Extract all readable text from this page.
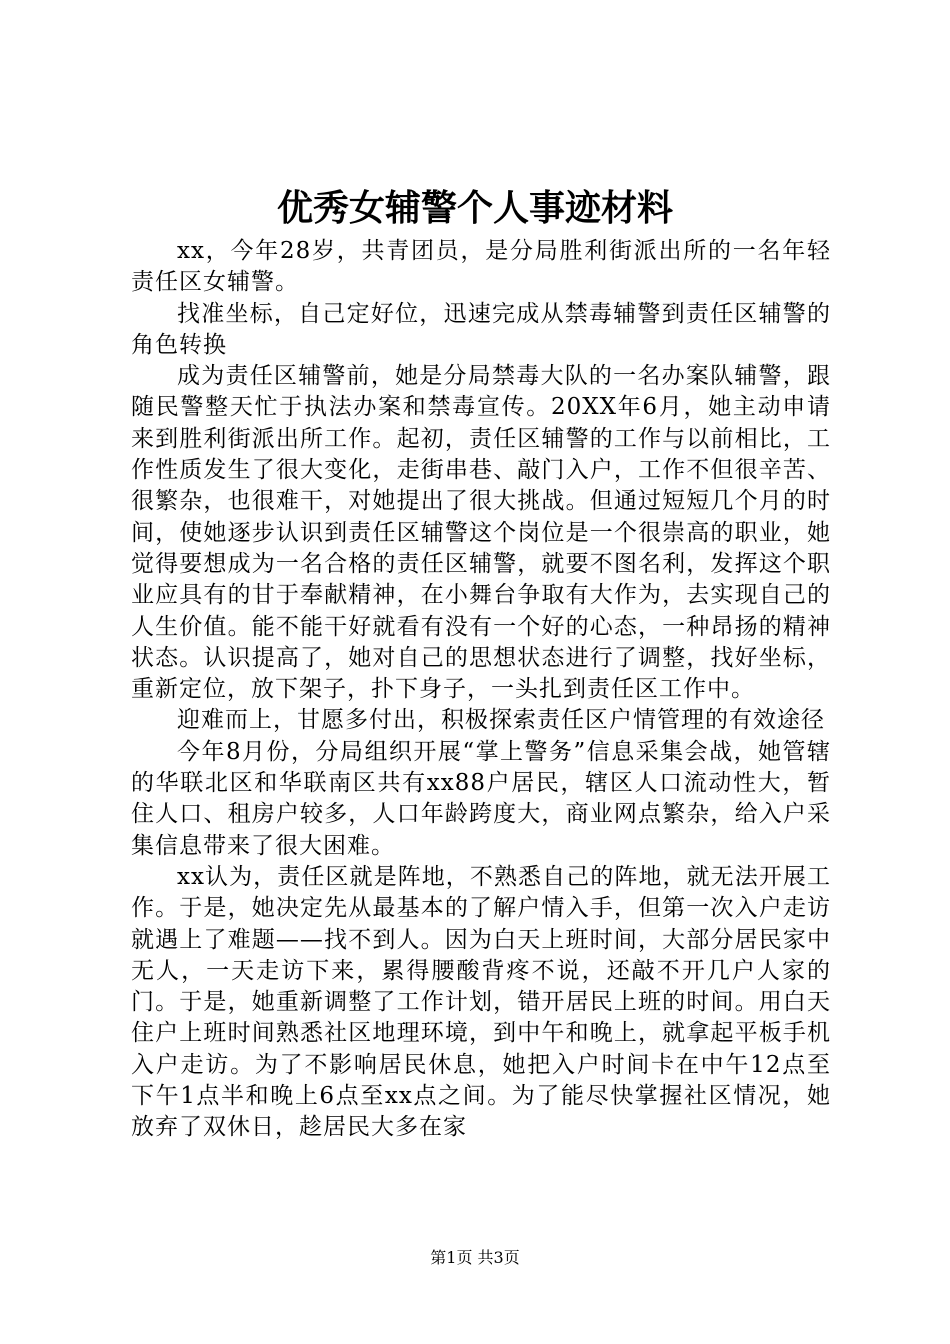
优秀女辅警个人事迹材料

xx，今年28岁，共青团员，是分局胜利街派出所的一名年轻责任区女辅警。

找准坐标，自己定好位，迅速完成从禁毒辅警到责任区辅警的角色转换

成为责任区辅警前，她是分局禁毒大队的一名办案队辅警，跟随民警整天忙于执法办案和禁毒宣传。20XX年6月，她主动申请来到胜利街派出所工作。起初，责任区辅警的工作与以前相比，工作性质发生了很大变化，走街串巷、敲门入户，工作不但很辛苦、很繁杂，也很难干，对她提出了很大挑战。但通过短短几个月的时间，使她逐步认识到责任区辅警这个岗位是一个很崇高的职业，她觉得要想成为一名合格的责任区辅警，就要不图名利，发挥这个职业应具有的甘于奉献精神，在小舞台争取有大作为，去实现自己的人生价值。能不能干好就看有没有一个好的心态，一种昂扬的精神状态。认识提高了，她对自己的思想状态进行了调整，找好坐标，重新定位，放下架子，扑下身子，一头扎到责任区工作中。

迎难而上，甘愿多付出，积极探索责任区户情管理的有效途径

今年8月份，分局组织开展“掌上警务”信息采集会战，她管辖的华联北区和华联南区共有xx88户居民，辖区人口流动性大，暂住人口、租房户较多，人口年龄跨度大，商业网点繁杂，给入户采集信息带来了很大困难。

xx认为，责任区就是阵地，不熟悉自己的阵地，就无法开展工作。于是，她决定先从最基本的了解户情入手，但第一次入户走访就遇上了难题——找不到人。因为白天上班时间，大部分居民家中无人，一天走访下来，累得腰酸背疼不说，还敲不开几户人家的门。于是，她重新调整了工作计划，错开居民上班的时间。用白天住户上班时间熟悉社区地理环境，到中午和晚上，就拿起平板手机入户走访。为了不影响居民休息，她把入户时间卡在中午12点至下午1点半和晚上6点至xx点之间。为了能尽快掌握社区情况，她放弃了双休日，趁居民大多在家

第1页 共3页
